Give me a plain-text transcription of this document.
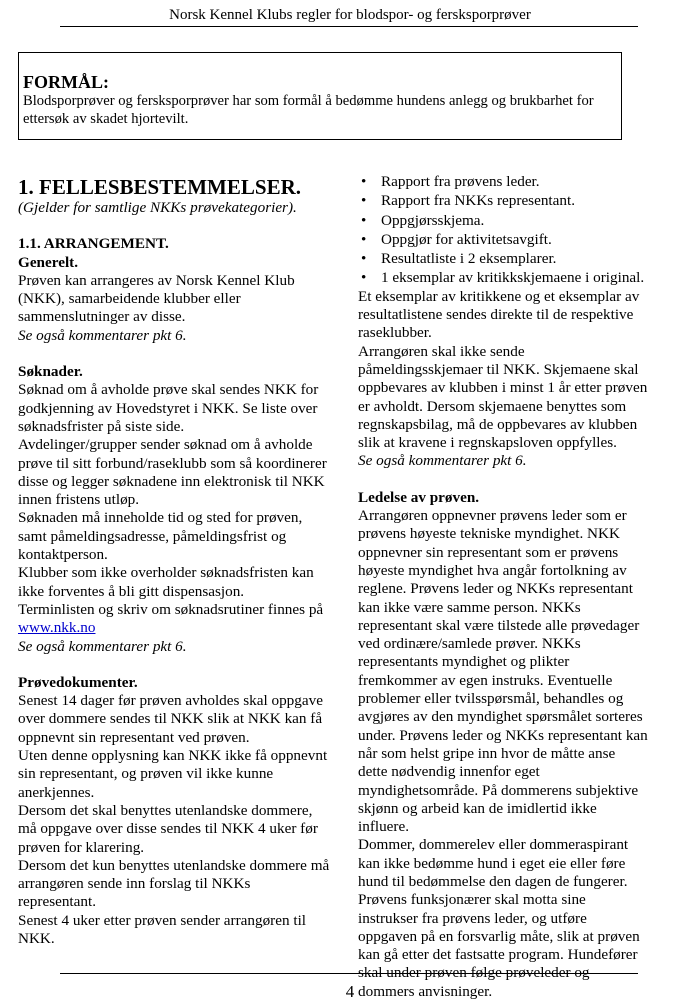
Norsk Kennel Klubs regler for blodspor- og fersksporprøver
FORMÅL:
Blodsporprøver og fersksporprøver har som formål å bedømme hundens anlegg og brukbarhet for ettersøk av skadet hjortevilt.
1. FELLESBESTEMMELSER.
(Gjelder for samtlige NKKs prøvekategorier).
1.1. ARRANGEMENT.
Generelt.
Prøven kan arrangeres av Norsk Kennel Klub (NKK), samarbeidende klubber eller sammenslutninger av disse.
Se også kommentarer pkt 6.
Søknader.
Søknad om å avholde prøve skal sendes NKK for godkjenning av Hovedstyret i NKK. Se liste over søknadsfrister på siste side.
Avdelinger/grupper sender søknad om å avholde prøve til sitt forbund/raseklubb som så koordinerer disse og legger søknadene inn elektronisk til NKK innen fristens utløp.
Søknaden må inneholde tid og sted for prøven, samt påmeldingsadresse, påmeldingsfrist og kontaktperson.
Klubber som ikke overholder søknadsfristen kan ikke forventes å bli gitt dispensasjon.
Terminlisten og skriv om søknadsrutiner finnes på www.nkk.no
Se også kommentarer pkt 6.
Prøvedokumenter.
Senest 14 dager før prøven avholdes skal oppgave over dommere sendes til NKK slik at NKK kan få oppnevnt sin representant ved prøven.
Uten denne opplysning kan NKK ikke få oppnevnt sin representant, og prøven vil ikke kunne anerkjennes.
Dersom det skal benyttes utenlandske dommere, må oppgave over disse sendes til NKK 4 uker før prøven for klarering.
Dersom det kun benyttes utenlandske dommere må arrangøren sende inn forslag til NKKs representant.
Senest 4 uker etter prøven sender arrangøren til NKK.
• Rapport fra prøvens leder.
• Rapport fra NKKs representant.
• Oppgjørsskjema.
• Oppgjør for aktivitetsavgift.
• Resultatliste i 2 eksemplarer.
• 1 eksemplar av kritikkskjemaene i original.
Et eksemplar av kritikkene og et eksemplar av resultatlistene sendes direkte til de respektive raseklubber.
Arrangøren skal ikke sende påmeldingsskjemaer til NKK. Skjemaene skal oppbevares av klubben i minst 1 år etter prøven er avholdt. Dersom skjemaene benyttes som regnskapsbilag, må de oppbevares av klubben slik at kravene i regnskapsloven oppfylles.
Se også kommentarer pkt 6.
Ledelse av prøven.
Arrangøren oppnevner prøvens leder som er prøvens høyeste tekniske myndighet. NKK oppnevner sin representant som er prøvens høyeste myndighet hva angår fortolkning av reglene. Prøvens leder og NKKs representant kan ikke være samme person. NKKs representant skal være tilstede alle prøvedager ved ordinære/samlede prøver. NKKs representants myndighet og plikter fremkommer av egen instruks. Eventuelle problemer eller tvilsspørsmål, behandles og avgjøres av den myndighet spørsmålet sorteres under. Prøvens leder og NKKs representant kan når som helst gripe inn hvor de måtte anse dette nødvendig innenfor eget myndighetsområde. På dommerens subjektive skjønn og arbeid kan de imidlertid ikke influere.
Dommer, dommerelev eller dommeraspirant kan ikke bedømme hund i eget eie eller føre hund til bedømmelse den dagen de fungerer.
Prøvens funksjonærer skal motta sine instrukser fra prøvens leder, og utføre oppgaven på en forsvarlig måte, slik at prøven kan gå etter det fastsatte program. Hundefører skal under prøven følge prøveleder og dommers anvisninger.
4
